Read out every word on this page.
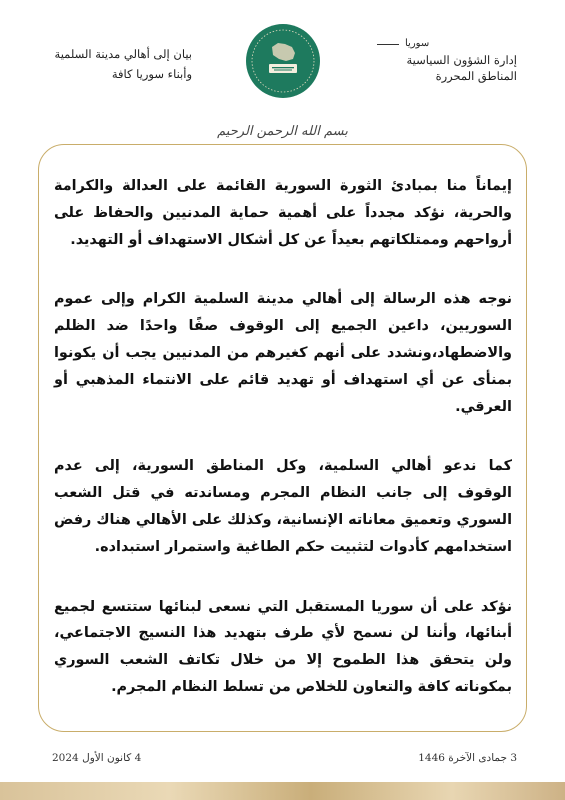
سوريا
إدارة الشؤون السياسية
المناطق المحررة
بيان إلى أهالي مدينة السلمية
وأبناء سوريا كافة
بسم الله الرحمن الرحيم

إيماناً منا بمبادئ الثورة السورية القائمة على العدالة والكرامة والحرية، نؤكد مجدداً على أهمية حماية المدنيين والحفاظ على أرواحهم وممتلكاتهم بعيداً عن كل أشكال الاستهداف أو التهديد.

نوجه هذه الرسالة إلى أهالي مدينة السلمية الكرام وإلى عموم السوريين، داعين الجميع إلى الوقوف صفًا واحدًا ضد الظلم والاضطهاد،ونشدد على أنهم كغيرهم من المدنيين يجب أن يكونوا بمنأى عن أي استهداف أو تهديد قائم على الانتماء المذهبي أو العرقي.

كما ندعو أهالي السلمية، وكل المناطق السورية، إلى عدم الوقوف إلى جانب النظام المجرم ومساندته في قتل الشعب السوري وتعميق معاناته الإنسانية، وكذلك على الأهالي هناك رفض استخدامهم كأدوات لتثبيت حكم الطاغية واستمرار استبداده.

نؤكد على أن سوريا المستقبل التي نسعى لبنائها ستتسع لجميع أبنائها، وأننا لن نسمح لأي طرف بتهديد هذا النسيج الاجتماعي، ولن يتحقق هذا الطموح إلا من خلال تكاتف الشعب السوري بمكوناته كافة والتعاون للخلاص من تسلط النظام المجرم.

3 جمادى الآخرة 1446
4 كانون الأول 2024
